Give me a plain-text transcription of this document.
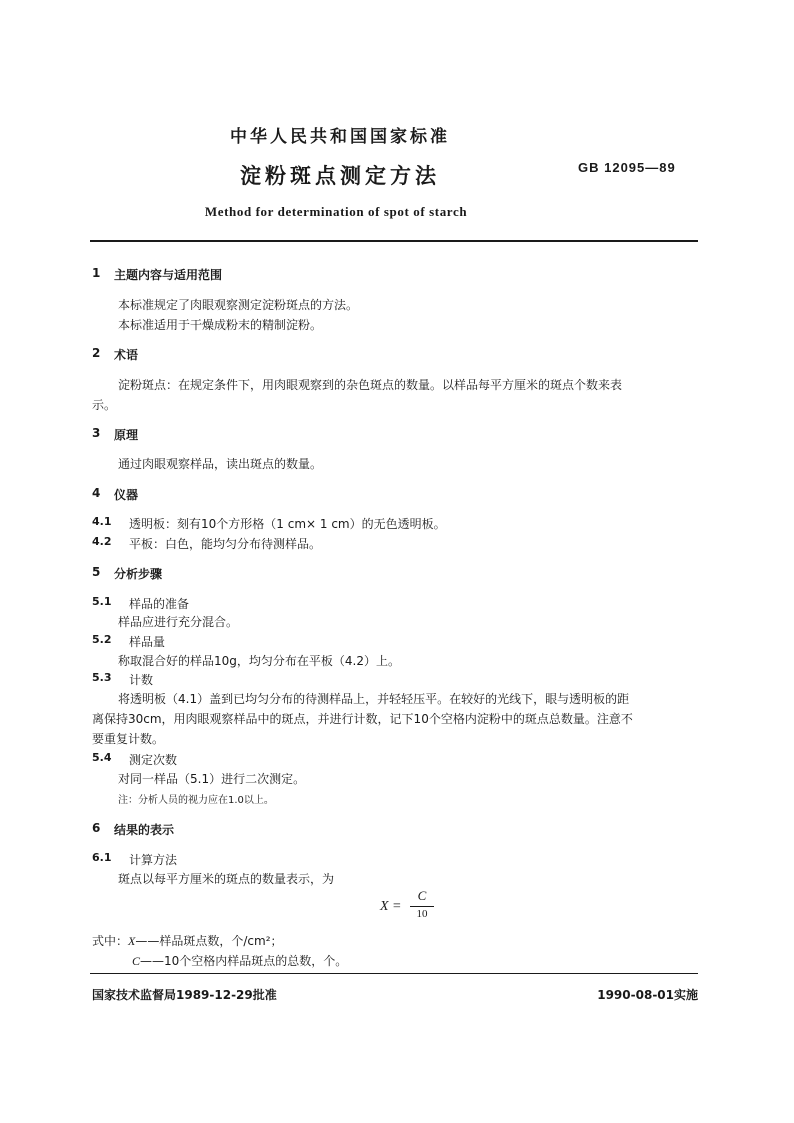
中华人民共和国国家标准
淀粉斑点测定方法	GB 12095—89
Method for determination of spot of starch
1 主题内容与适用范围
本标准规定了肉眼观察测定淀粉斑点的方法。
本标准适用于干燥成粉末的精制淀粉。
2 术语
淀粉斑点：在规定条件下，用肉眼观察到的杂色斑点的数量。以样品每平方厘米的斑点个数来表
示。
3 原理
通过肉眼观察样品，读出斑点的数量。
4 仪器
4.1 透明板：刻有10个方形格（1 cm× 1 cm）的无色透明板。
4.2 平板：白色，能均匀分布待测样品。
5 分析步骤
5.1 样品的准备
样品应进行充分混合。
5.2 样品量
称取混合好的样品10g，均匀分布在平板（4.2）上。
5.3 计数
将透明板（4.1）盖到已均匀分布的待测样品上，并轻轻压平。在较好的光线下，眼与透明板的距
离保持30cm，用肉眼观察样品中的斑点，并进行计数，记下10个空格内淀粉中的斑点总数量。注意不
要重复计数。
5.4 测定次数
对同一样品（5.1）进行二次测定。
注：分析人员的视力应在1.0以上。
6 结果的表示
6.1 计算方法
斑点以每平方厘米的斑点的数量表示，为
X =
C
10
式中：X——样品斑点数，个/cm²；
C——10个空格内样品斑点的总数，个。
国家技术监督局1989-12-29批准	1990-08-01实施
